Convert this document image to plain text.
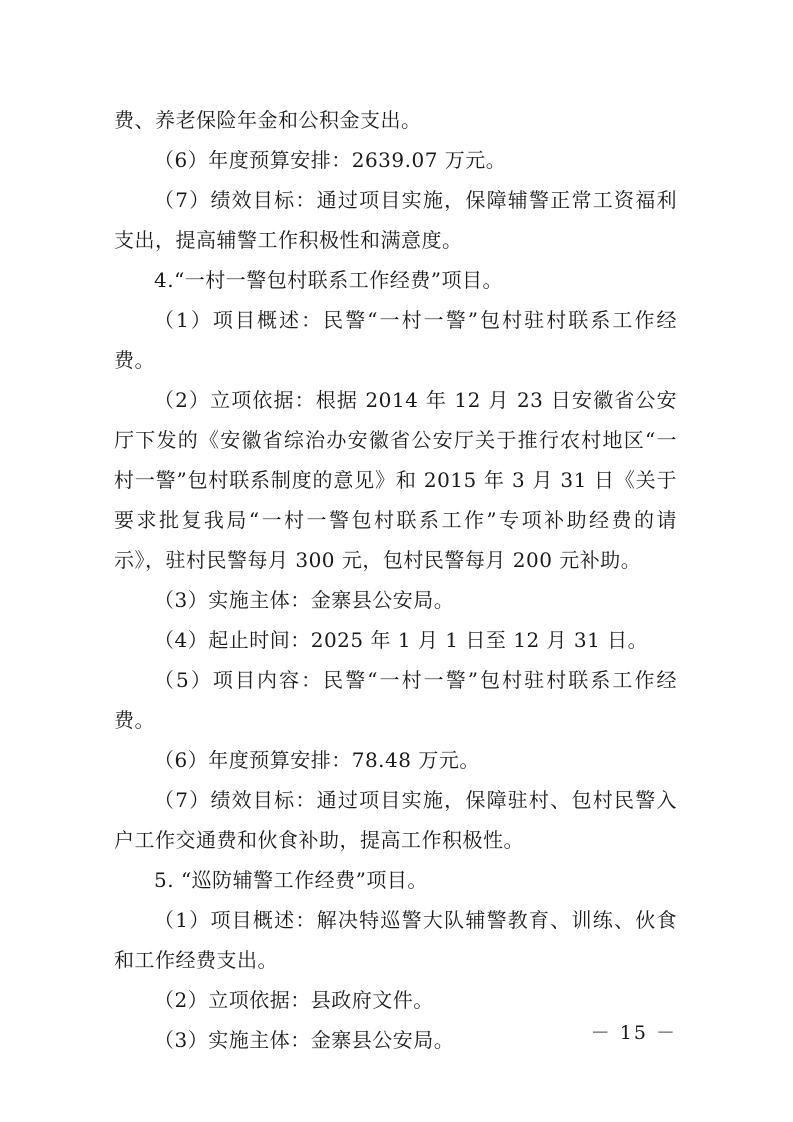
费、养老保险年金和公积金支出。

（6）年度预算安排：2639.07 万元。

（7）绩效目标：通过项目实施，保障辅警正常工资福利支出，提高辅警工作积极性和满意度。

4.“一村一警包村联系工作经费”项目。

（1）项目概述：民警“一村一警”包村驻村联系工作经费。

（2）立项依据：根据 2014 年 12 月 23 日安徽省公安厅下发的《安徽省综治办安徽省公安厅关于推行农村地区“一村一警”包村联系制度的意见》和 2015 年 3 月 31 日《关于要求批复我局“一村一警包村联系工作”专项补助经费的请示》，驻村民警每月 300 元，包村民警每月 200 元补助。

（3）实施主体：金寨县公安局。

（4）起止时间：2025 年 1 月 1 日至 12 月 31 日。

（5）项目内容：民警“一村一警”包村驻村联系工作经费。

（6）年度预算安排：78.48 万元。

（7）绩效目标：通过项目实施，保障驻村、包村民警入户工作交通费和伙食补助，提高工作积极性。

5. “巡防辅警工作经费”项目。

（1）项目概述：解决特巡警大队辅警教育、训练、伙食和工作经费支出。

（2）立项依据：县政府文件。

（3）实施主体：金寨县公安局。	－ 15 －
